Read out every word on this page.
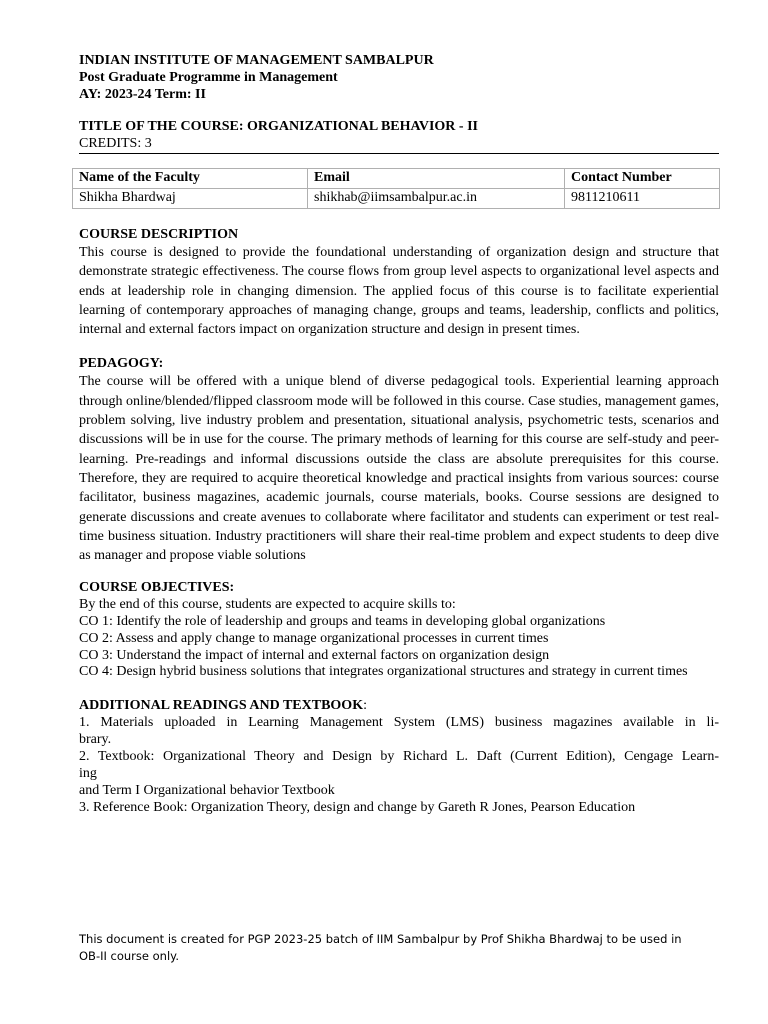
INDIAN INSTITUTE OF MANAGEMENT SAMBALPUR
Post Graduate Programme in Management
AY: 2023-24 Term: II
TITLE OF THE COURSE: ORGANIZATIONAL BEHAVIOR - II
CREDITS: 3
Name of the Faculty	Email	Contact Number
Shikha Bhardwaj	shikhab@iimsambalpur.ac.in	9811210611
COURSE DESCRIPTION
This course is designed to provide the foundational understanding of organization design and structure that demonstrate strategic effectiveness. The course flows from group level aspects to organizational level aspects and ends at leadership role in changing dimension. The applied focus of this course is to facilitate experiential learning of contemporary approaches of managing change, groups and teams, leadership, conflicts and politics, internal and external factors impact on organization structure and design in present times.
PEDAGOGY:
The course will be offered with a unique blend of diverse pedagogical tools. Experiential learning approach through online/blended/flipped classroom mode will be followed in this course. Case studies, management games, problem solving, live industry problem and presentation, situational analysis, psychometric tests, scenarios and discussions will be in use for the course. The primary methods of learning for this course are self-study and peer-learning. Pre-readings and informal discussions outside the class are absolute prerequisites for this course. Therefore, they are required to acquire theoretical knowledge and practical insights from various sources: course facilitator, business magazines, academic journals, course materials, books. Course sessions are designed to generate discussions and create avenues to collaborate where facilitator and students can experiment or test real-time business situation. Industry practitioners will share their real-time problem and expect students to deep dive as manager and propose viable solutions
COURSE OBJECTIVES:
By the end of this course, students are expected to acquire skills to:
CO 1: Identify the role of leadership and groups and teams in developing global organizations
CO 2: Assess and apply change to manage organizational processes in current times
CO 3: Understand the impact of internal and external factors on organization design
CO 4: Design hybrid business solutions that integrates organizational structures and strategy in current times
ADDITIONAL READINGS AND TEXTBOOK:
1. Materials uploaded in Learning Management System (LMS) business magazines available in li-
brary.
2. Textbook: Organizational Theory and Design by Richard L. Daft (Current Edition), Cengage Learn-
ing
and Term I Organizational behavior Textbook
3. Reference Book: Organization Theory, design and change by Gareth R Jones, Pearson Education
This document is created for PGP 2023-25 batch of IIM Sambalpur by Prof Shikha Bhardwaj to be used in
OB-II course only.
